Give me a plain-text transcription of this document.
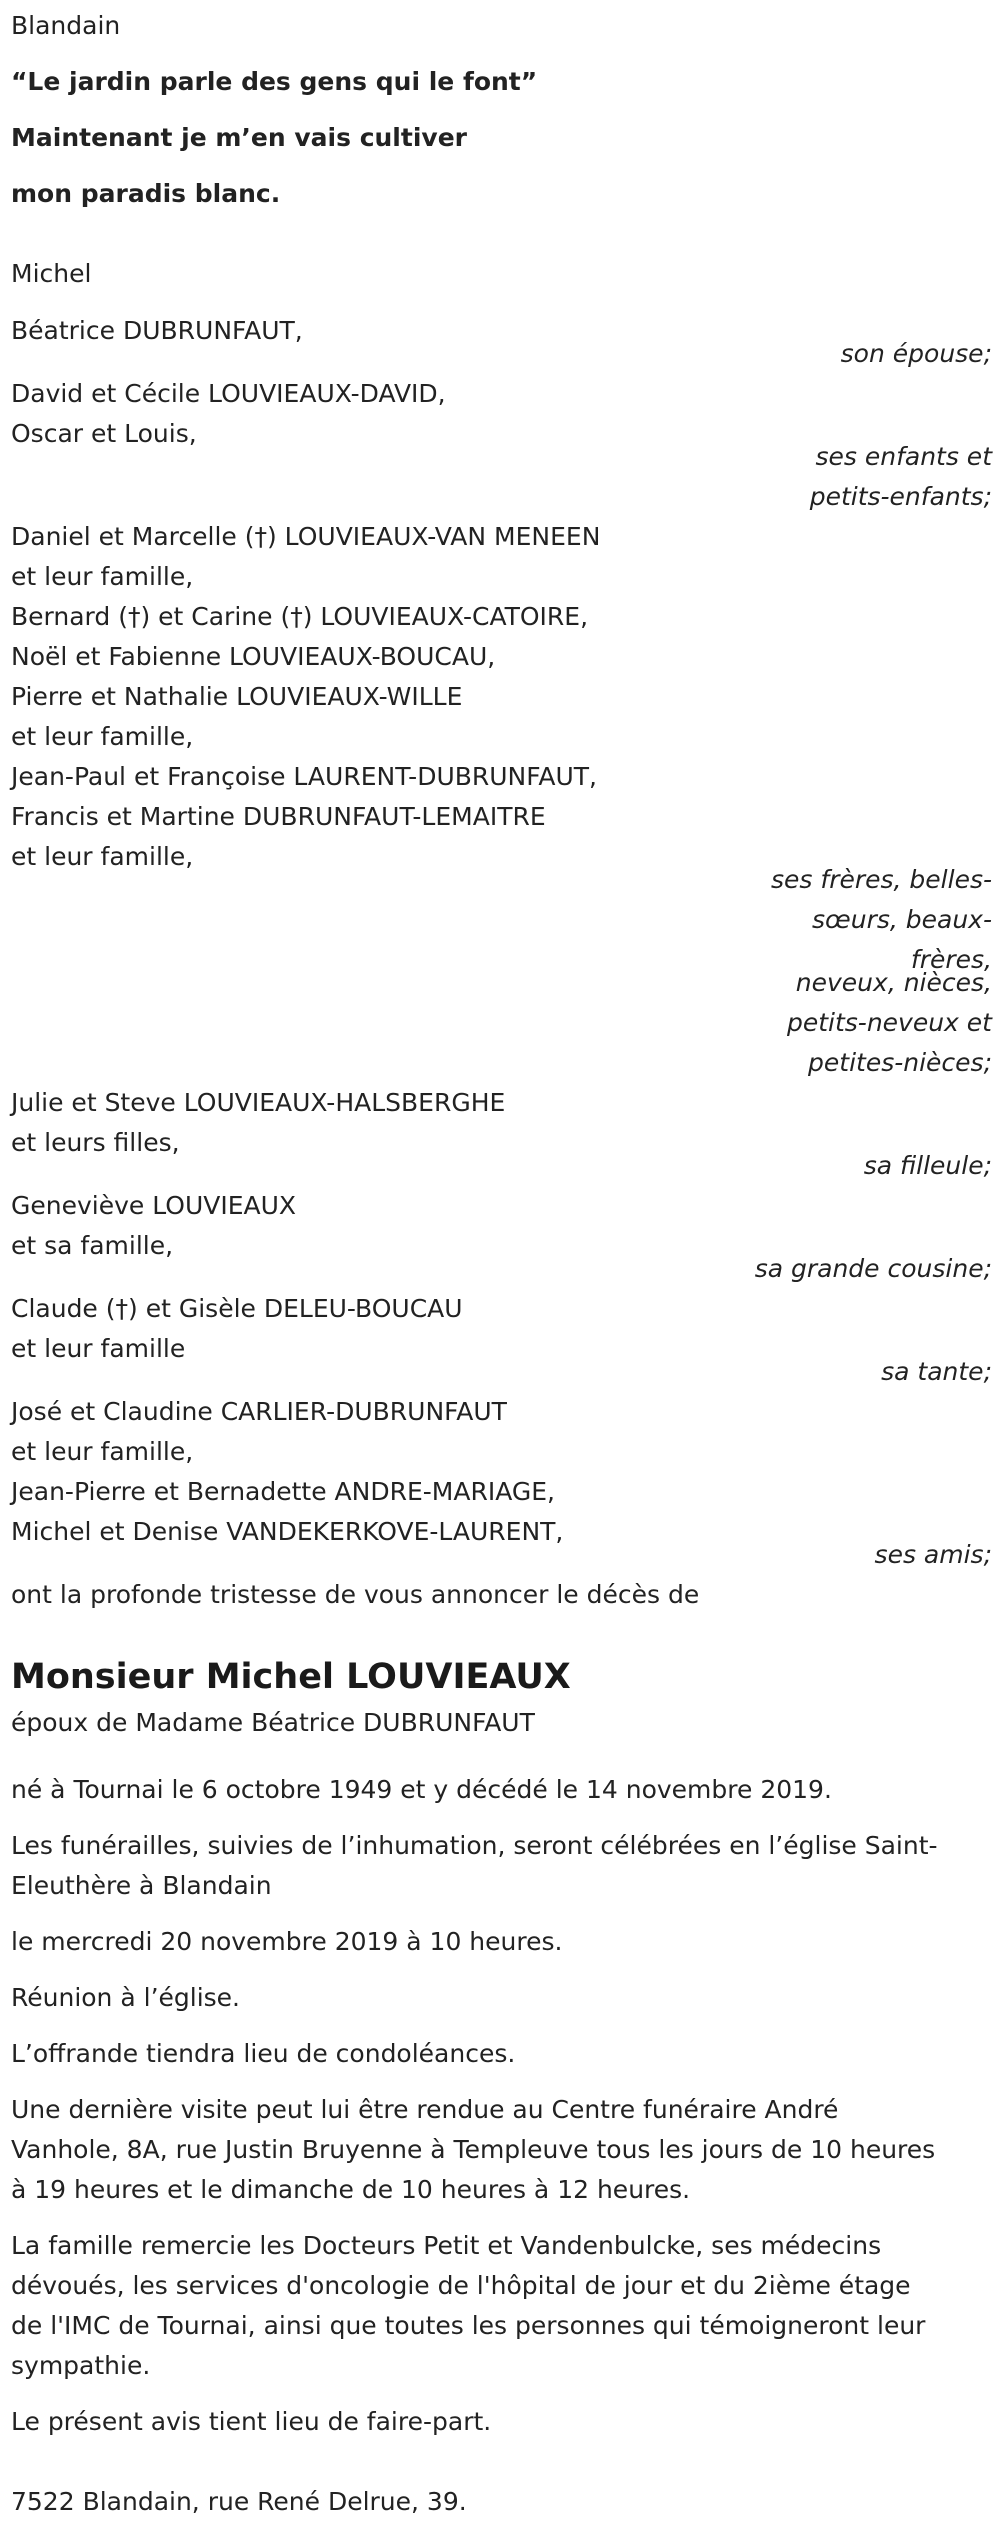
Blandain

“Le jardin parle des gens qui le font”

Maintenant je m’en vais cultiver

mon paradis blanc.

Michel

Béatrice DUBRUNFAUT,
son épouse;
David et Cécile LOUVIEAUX-DAVID,
Oscar et Louis,
ses enfants et
petits-enfants;
Daniel et Marcelle (†) LOUVIEAUX-VAN MENEEN
et leur famille,
Bernard (†) et Carine (†) LOUVIEAUX-CATOIRE,
Noël et Fabienne LOUVIEAUX-BOUCAU,
Pierre et Nathalie LOUVIEAUX-WILLE
et leur famille,
Jean-Paul et Françoise LAURENT-DUBRUNFAUT,
Francis et Martine DUBRUNFAUT-LEMAITRE
et leur famille,
ses frères, belles-
sœurs, beaux-
frères,
neveux, nièces,
petits-neveux et
petites-nièces;
Julie et Steve LOUVIEAUX-HALSBERGHE
et leurs filles,
sa filleule;
Geneviève LOUVIEAUX
et sa famille,
sa grande cousine;
Claude (†) et Gisèle DELEU-BOUCAU
et leur famille
sa tante;
José et Claudine CARLIER-DUBRUNFAUT
et leur famille,
Jean-Pierre et Bernadette ANDRE-MARIAGE,
Michel et Denise VANDEKERKOVE-LAURENT,
ses amis;

ont la profonde tristesse de vous annoncer le décès de

Monsieur Michel LOUVIEAUX

époux de Madame Béatrice DUBRUNFAUT

né à Tournai le 6 octobre 1949 et y décédé le 14 novembre 2019.

Les funérailles, suivies de l’inhumation, seront célébrées en l’église Saint-
Eleuthère à Blandain

le mercredi 20 novembre 2019 à 10 heures.

Réunion à l’église.

L’offrande tiendra lieu de condoléances.

Une dernière visite peut lui être rendue au Centre funéraire André
Vanhole, 8A, rue Justin Bruyenne à Templeuve tous les jours de 10 heures
à 19 heures et le dimanche de 10 heures à 12 heures.

La famille remercie les Docteurs Petit et Vandenbulcke, ses médecins
dévoués, les services d'oncologie de l'hôpital de jour et du 2ième étage
de l'IMC de Tournai, ainsi que toutes les personnes qui témoigneront leur
sympathie.

Le présent avis tient lieu de faire-part.

7522 Blandain, rue René Delrue, 39.
